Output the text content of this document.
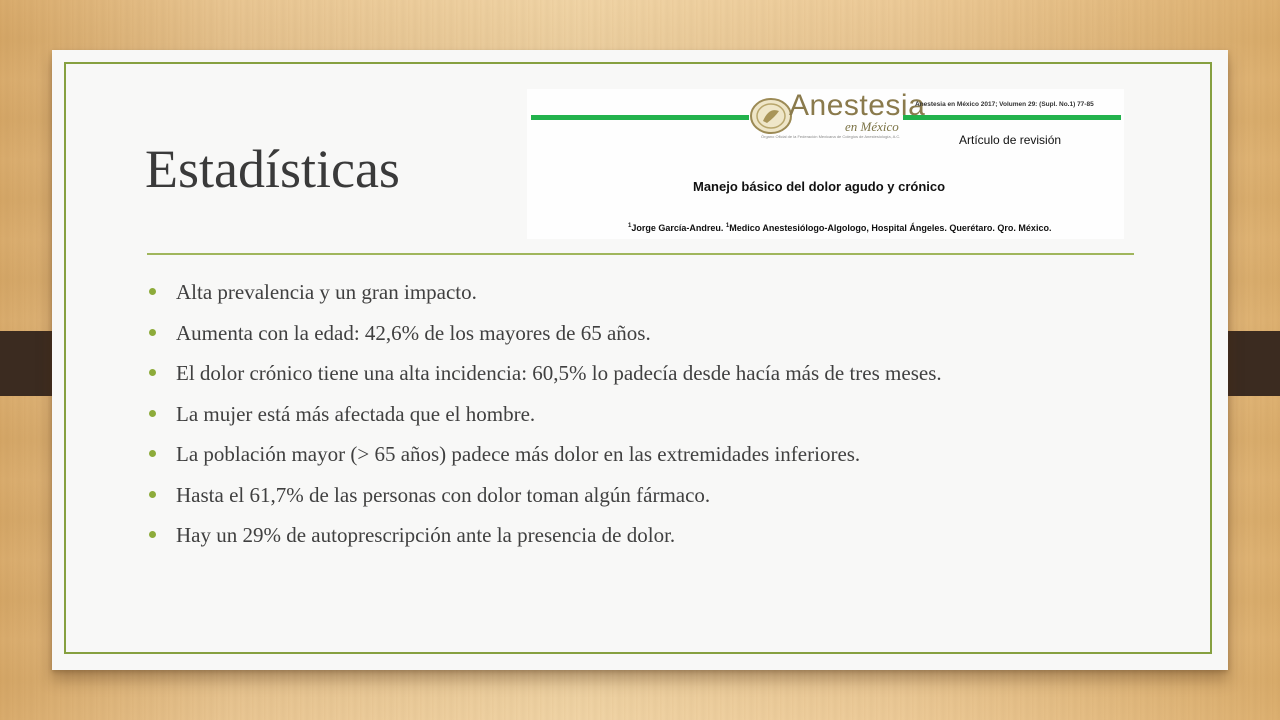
Estadísticas
Anestesia
en México
Órgano Oficial de la Federación Mexicana de Colegios de Anestesiología, A.C.
Anestesia en México 2017; Volumen 29: (Supl. No.1) 77-85
Artículo de revisión
Manejo básico del dolor agudo y crónico
$^1$Jorge García-Andreu. $^1$Medico Anestesiólogo-Algologo, Hospital Ángeles. Querétaro. Qro. México.
Alta prevalencia y un gran impacto.
Aumenta con la edad: 42,6% de los mayores de 65 años.
El dolor crónico tiene una alta incidencia: 60,5% lo padecía desde hacía más de tres meses.
La mujer está más afectada que el hombre.
La población mayor (> 65 años) padece más dolor en las extremidades inferiores.
Hasta el 61,7% de las personas con dolor toman algún fármaco.
Hay un 29% de autoprescripción ante la presencia de dolor.
